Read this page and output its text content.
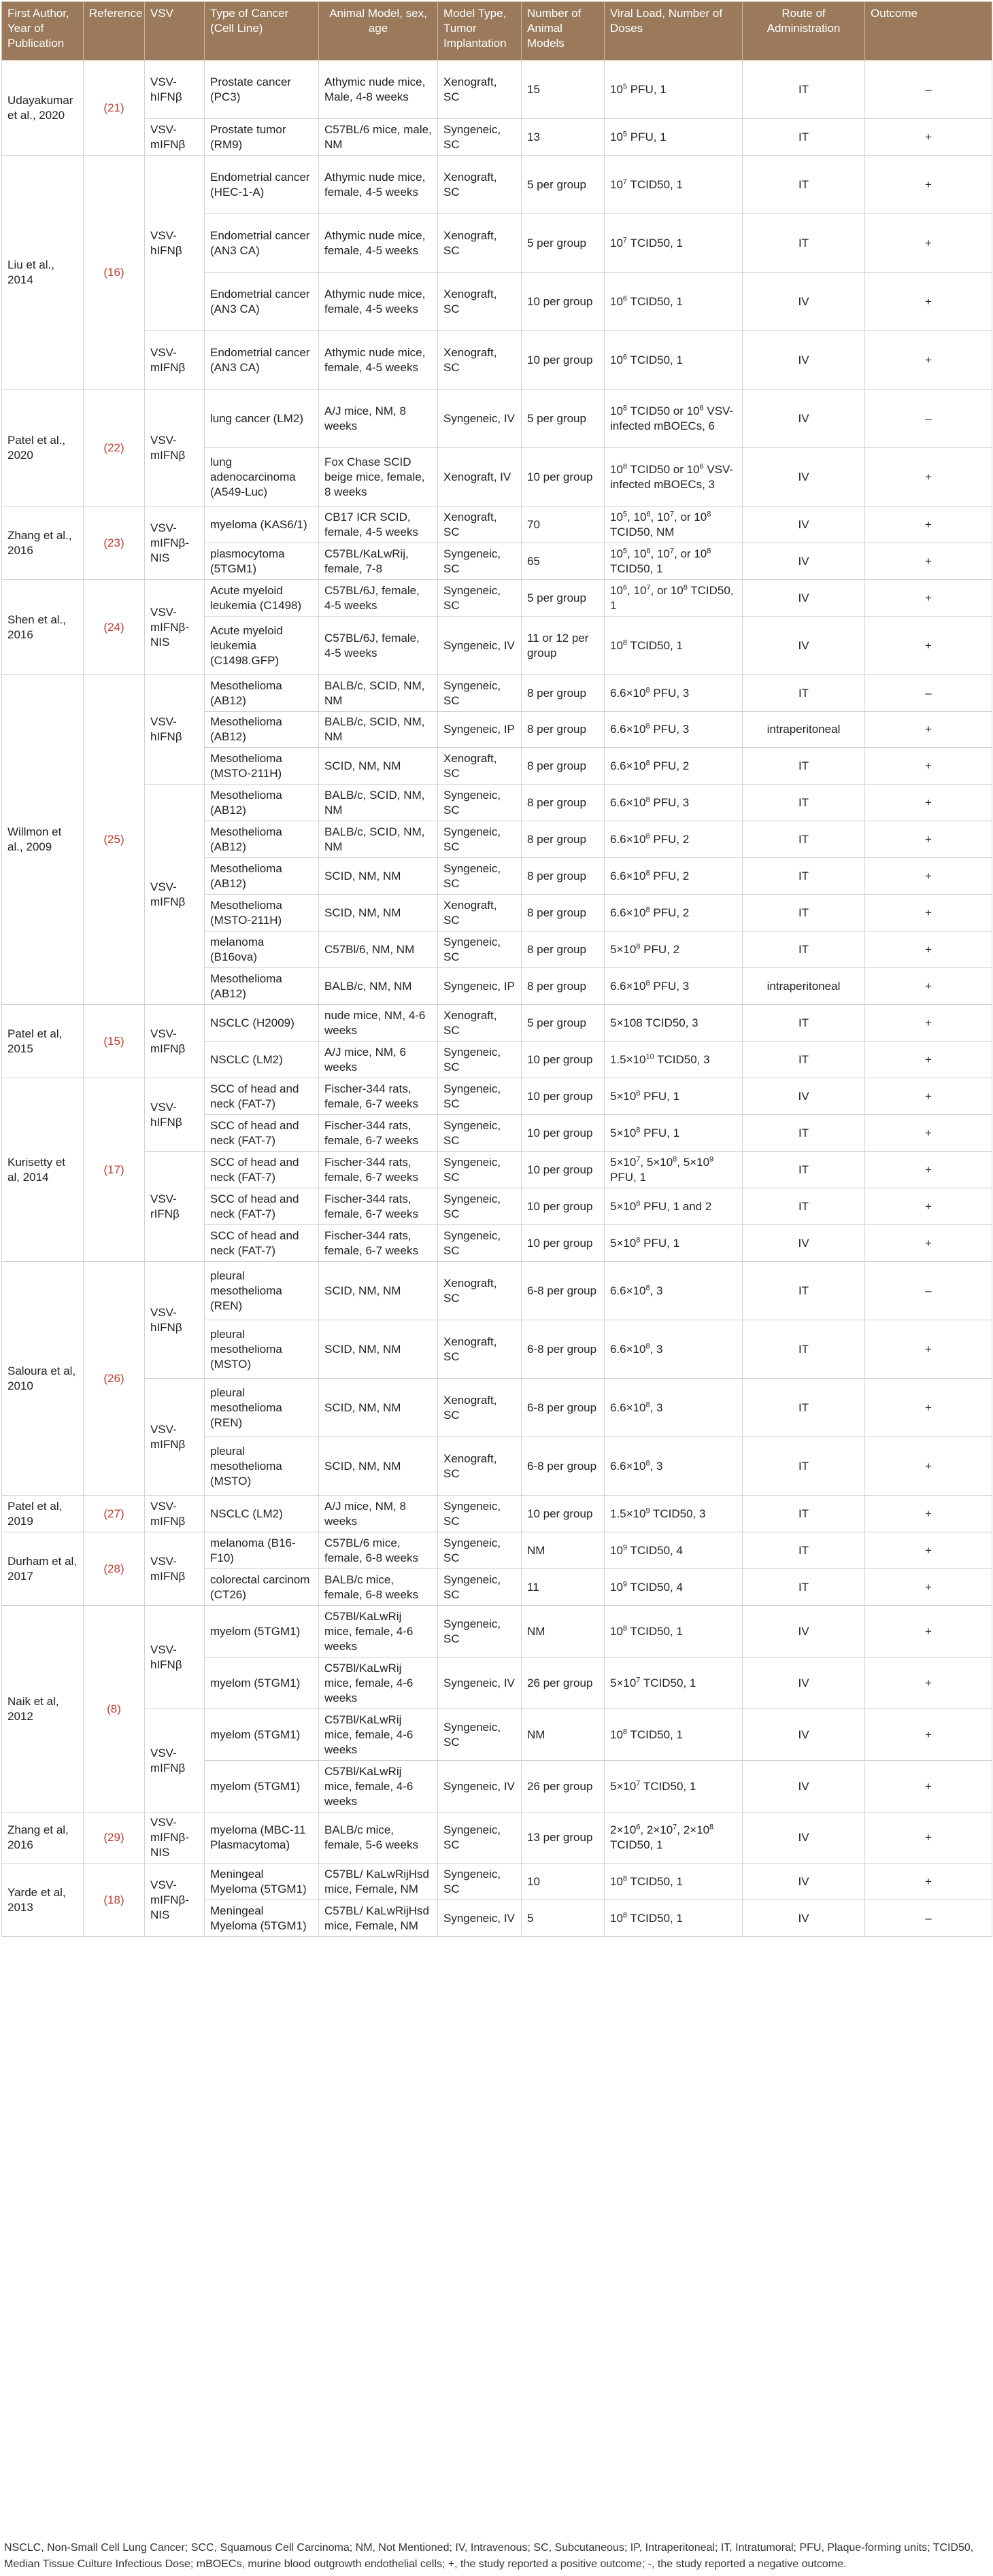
First Author, Year of Publication	Reference	VSV	Type of Cancer (Cell Line)	Animal Model, sex, age	Model Type, Tumor Implantation	Number of Animal Models	Viral Load, Number of Doses	Route of Administration	Outcome
Udayakumar et al., 2020	(21)	VSV-hIFNβ	Prostate cancer (PC3)	Athymic nude mice, Male, 4-8 weeks	Xenograft, SC	15	$10^5$ PFU, 1	IT	–
		VSV-mIFNβ	Prostate tumor (RM9)	C57BL/6 mice, male, NM	Syngeneic, SC	13	$10^5$ PFU, 1	IT	+
Liu et al., 2014	(16)	VSV-hIFNβ	Endometrial cancer (HEC-1-A)	Athymic nude mice, female, 4-5 weeks	Xenograft, SC	5 per group	$10^7$ TCID50, 1	IT	+
			Endometrial cancer (AN3 CA)	Athymic nude mice, female, 4-5 weeks	Xenograft, SC	5 per group	$10^7$ TCID50, 1	IT	+
			Endometrial cancer (AN3 CA)	Athymic nude mice, female, 4-5 weeks	Xenograft, SC	10 per group	$10^6$ TCID50, 1	IV	+
		VSV-mIFNβ	Endometrial cancer (AN3 CA)	Athymic nude mice, female, 4-5 weeks	Xenograft, SC	10 per group	$10^6$ TCID50, 1	IV	+
Patel et al., 2020	(22)	VSV-mIFNβ	lung cancer (LM2)	A/J mice, NM, 8 weeks	Syngeneic, IV	5 per group	$10^8$ TCID50 or $10^6$ VSV-infected mBOECs, 6	IV	–
			lung adenocarcinoma (A549-Luc)	Fox Chase SCID beige mice, female, 8 weeks	Xenograft, IV	10 per group	$10^8$ TCID50 or $10^6$ VSV-infected mBOECs, 3	IV	+
Zhang et al., 2016	(23)	VSV-mIFNβ-NIS	myeloma (KAS6/1)	CB17 ICR SCID, female, 4-5 weeks	Xenograft, SC	70	$10^5$, $10^6$, $10^7$, or $10^8$ TCID50, NM	IV	+
			plasmocytoma (5TGM1)	C57BL/KaLwRij, female, 7-8	Syngeneic, SC	65	$10^5$, $10^6$, $10^7$, or $10^8$ TCID50, 1	IV	+
Shen et al., 2016	(24)	VSV-mIFNβ-NIS	Acute myeloid leukemia (C1498)	C57BL/6J, female, 4-5 weeks	Syngeneic, SC	5 per group	$10^6$, $10^7$, or $10^8$ TCID50, 1	IV	+
			Acute myeloid leukemia (C1498.GFP)	C57BL/6J, female, 4-5 weeks	Syngeneic, IV	11 or 12 per group	$10^8$ TCID50, 1	IV	+
Willmon et al., 2009	(25)	VSV-hIFNβ	Mesothelioma (AB12)	BALB/c, SCID, NM, NM	Syngeneic, SC	8 per group	$6.6\times 10^8$ PFU, 3	IT	–
			Mesothelioma (AB12)	BALB/c, SCID, NM, NM	Syngeneic, IP	8 per group	$6.6\times 10^8$ PFU, 3	intraperitoneal	+
			Mesothelioma (MSTO-211H)	SCID, NM, NM	Xenograft, SC	8 per group	$6.6\times 10^8$ PFU, 2	IT	+
		VSV-mIFNβ	Mesothelioma (AB12)	BALB/c, SCID, NM, NM	Syngeneic, SC	8 per group	$6.6\times 10^8$ PFU, 3	IT	+
			Mesothelioma (AB12)	BALB/c, SCID, NM, NM	Syngeneic, SC	8 per group	$6.6\times 10^8$ PFU, 2	IT	+
			Mesothelioma (AB12)	SCID, NM, NM	Syngeneic, SC	8 per group	$6.6\times 10^8$ PFU, 2	IT	+
			Mesothelioma (MSTO-211H)	SCID, NM, NM	Xenograft, SC	8 per group	$6.6\times 10^8$ PFU, 2	IT	+
			melanoma (B16ova)	C57Bl/6, NM, NM	Syngeneic, SC	8 per group	$5\times 10^8$ PFU, 2	IT	+
			Mesothelioma (AB12)	BALB/c, NM, NM	Syngeneic, IP	8 per group	$6.6\times 10^8$ PFU, 3	intraperitoneal	+
Patel et al, 2015	(15)	VSV-mIFNβ	NSCLC (H2009)	nude mice, NM, 4-6 weeks	Xenograft, SC	5 per group	5×108 TCID50, 3	IT	+
			NSCLC (LM2)	A/J mice, NM, 6 weeks	Syngeneic, SC	10 per group	$1.5\times 10^{10}$ TCID50, 3	IT	+
Kurisetty et al, 2014	(17)	VSV-hIFNβ	SCC of head and neck (FAT-7)	Fischer-344 rats, female, 6-7 weeks	Syngeneic, SC	10 per group	$5\times 10^8$ PFU, 1	IV	+
			SCC of head and neck (FAT-7)	Fischer-344 rats, female, 6-7 weeks	Syngeneic, SC	10 per group	$5\times 10^8$ PFU, 1	IT	+
		VSV-rIFNβ	SCC of head and neck (FAT-7)	Fischer-344 rats, female, 6-7 weeks	Syngeneic, SC	10 per group	$5\times 10^7$, $5\times 10^8$, $5\times 10^9$ PFU, 1	IT	+
			SCC of head and neck (FAT-7)	Fischer-344 rats, female, 6-7 weeks	Syngeneic, SC	10 per group	$5\times 10^8$ PFU, 1 and 2	IT	+
			SCC of head and neck (FAT-7)	Fischer-344 rats, female, 6-7 weeks	Syngeneic, SC	10 per group	$5\times 10^8$ PFU, 1	IV	+
Saloura et al, 2010	(26)	VSV-hIFNβ	pleural mesothelioma (REN)	SCID, NM, NM	Xenograft, SC	6-8 per group	$6.6\times 10^8$, 3	IT	–
			pleural mesothelioma (MSTO)	SCID, NM, NM	Xenograft, SC	6-8 per group	$6.6\times 10^8$, 3	IT	+
		VSV-mIFNβ	pleural mesothelioma (REN)	SCID, NM, NM	Xenograft, SC	6-8 per group	$6.6\times 10^8$, 3	IT	+
			pleural mesothelioma (MSTO)	SCID, NM, NM	Xenograft, SC	6-8 per group	$6.6\times 10^8$, 3	IT	+
Patel et al, 2019	(27)	VSV-mIFNβ	NSCLC (LM2)	A/J mice, NM, 8 weeks	Syngeneic, SC	10 per group	$1.5\times 10^9$ TCID50, 3	IT	+
Durham et al, 2017	(28)	VSV-mIFNβ	melanoma (B16-F10)	C57BL/6 mice, female, 6-8 weeks	Syngeneic, SC	NM	$10^9$ TCID50, 4	IT	+
			colorectal carcinom (CT26)	BALB/c mice, female, 6-8 weeks	Syngeneic, SC	11	$10^9$ TCID50, 4	IT	+
Naik et al, 2012	(8)	VSV-hIFNβ	myelom (5TGM1)	C57Bl/KaLwRij mice, female, 4-6 weeks	Syngeneic, SC	NM	$10^8$ TCID50, 1	IV	+
			myelom (5TGM1)	C57Bl/KaLwRij mice, female, 4-6 weeks	Syngeneic, IV	26 per group	$5\times 10^7$ TCID50, 1	IV	+
		VSV-mIFNβ	myelom (5TGM1)	C57Bl/KaLwRij mice, female, 4-6 weeks	Syngeneic, SC	NM	$10^8$ TCID50, 1	IV	+
			myelom (5TGM1)	C57Bl/KaLwRij mice, female, 4-6 weeks	Syngeneic, IV	26 per group	$5\times 10^7$ TCID50, 1	IV	+
Zhang et al, 2016	(29)	VSV-mIFNβ-NIS	myeloma (MBC-11 Plasmacytoma)	BALB/c mice, female, 5-6 weeks	Syngeneic, SC	13 per group	$2\times 10^6$, $2\times 10^7$, $2\times 10^8$ TCID50, 1	IV	+
Yarde et al, 2013	(18)	VSV-mIFNβ-NIS	Meningeal Myeloma (5TGM1)	C57BL/ KaLwRijHsd mice, Female, NM	Syngeneic, SC	10	$10^8$ TCID50, 1	IV	+
			Meningeal Myeloma (5TGM1)	C57BL/ KaLwRijHsd mice, Female, NM	Syngeneic, IV	5	$10^8$ TCID50, 1	IV	–
NSCLC, Non-Small Cell Lung Cancer; SCC, Squamous Cell Carcinoma; NM, Not Mentioned; IV, Intravenous; SC, Subcutaneous; IP, Intraperitoneal; IT, Intratumoral; PFU, Plaque-forming units; TCID50, Median Tissue Culture Infectious Dose; mBOECs, murine blood outgrowth endothelial cells; +, the study reported a positive outcome; -, the study reported a negative outcome.
